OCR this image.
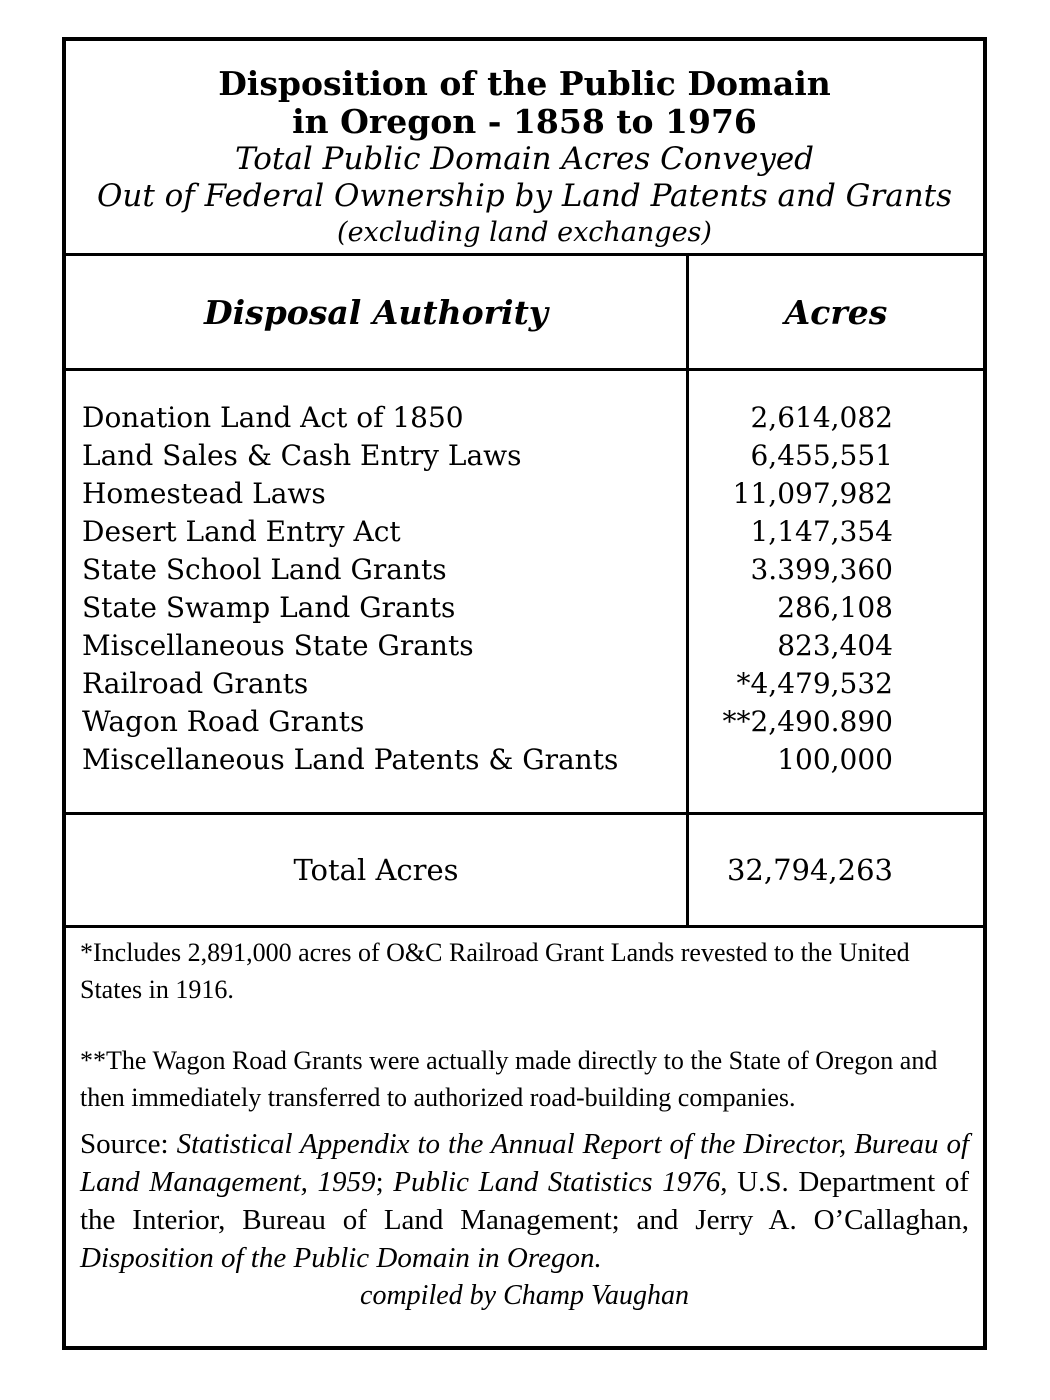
Disposition of the Public Domain
in Oregon - 1858 to 1976
Total Public Domain Acres Conveyed
Out of Federal Ownership by Land Patents and Grants
(excluding land exchanges)
Disposal Authority	Acres
Donation Land Act of 1850
Land Sales & Cash Entry Laws
Homestead Laws
Desert Land Entry Act
State School Land Grants
State Swamp Land Grants
Miscellaneous State Grants
Railroad Grants
Wagon Road Grants
Miscellaneous Land Patents & Grants
2,614,082
6,455,551
11,097,982
1,147,354
3.399,360
286,108
823,404
*4,479,532
**2,490.890
100,000
Total Acres	32,794,263

*Includes 2,891,000 acres of O&C Railroad Grant Lands revested to the United States in 1916.

**The Wagon Road Grants were actually made directly to the State of Oregon and then immediately transferred to authorized road-building companies.

Source: Statistical Appendix to the Annual Report of the Director, Bureau of Land Management, 1959; Public Land Statistics 1976, U.S. Department of the Interior, Bureau of Land Management; and Jerry A. O’Callaghan, Disposition of the Public Domain in Oregon.

compiled by Champ Vaughan
